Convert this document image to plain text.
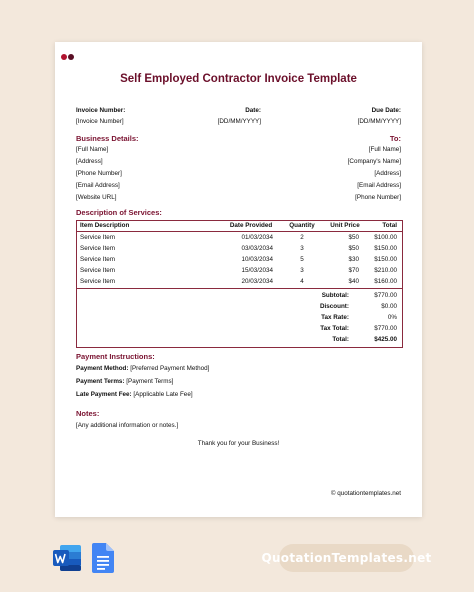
Self Employed Contractor Invoice Template
Invoice Number:
[Invoice Number]
Date:
[DD/MM/YYYY]
Due Date:
[DD/MM/YYYY]
Business Details:	To:
[Full Name]
[Address]
[Phone Number]
[Email Address]
[Website URL]
[Full Name]
[Company's Name]
[Address]
[Email Address]
[Phone Number]
Description of Services:
Item Description	Date Provided	Quantity	Unit Price	Total
Service Item	01/03/2034	2	$50	$100.00
Service Item	03/03/2034	3	$50	$150.00
Service Item	10/03/2034	5	$30	$150.00
Service Item	15/03/2034	3	$70	$210.00
Service Item	20/03/2034	4	$40	$160.00
Subtotal:	$770.00
Discount:	$0.00
Tax Rate:	0%
Tax Total:	$770.00
Total:	$425.00
Payment Instructions:
Payment Method: [Preferred Payment Method]
Payment Terms: [Payment Terms]
Late Payment Fee: [Applicable Late Fee]
Notes:
[Any additional information or notes.]
Thank you for your Business!
© quotationtemplates.net
QuotationTemplates.net
